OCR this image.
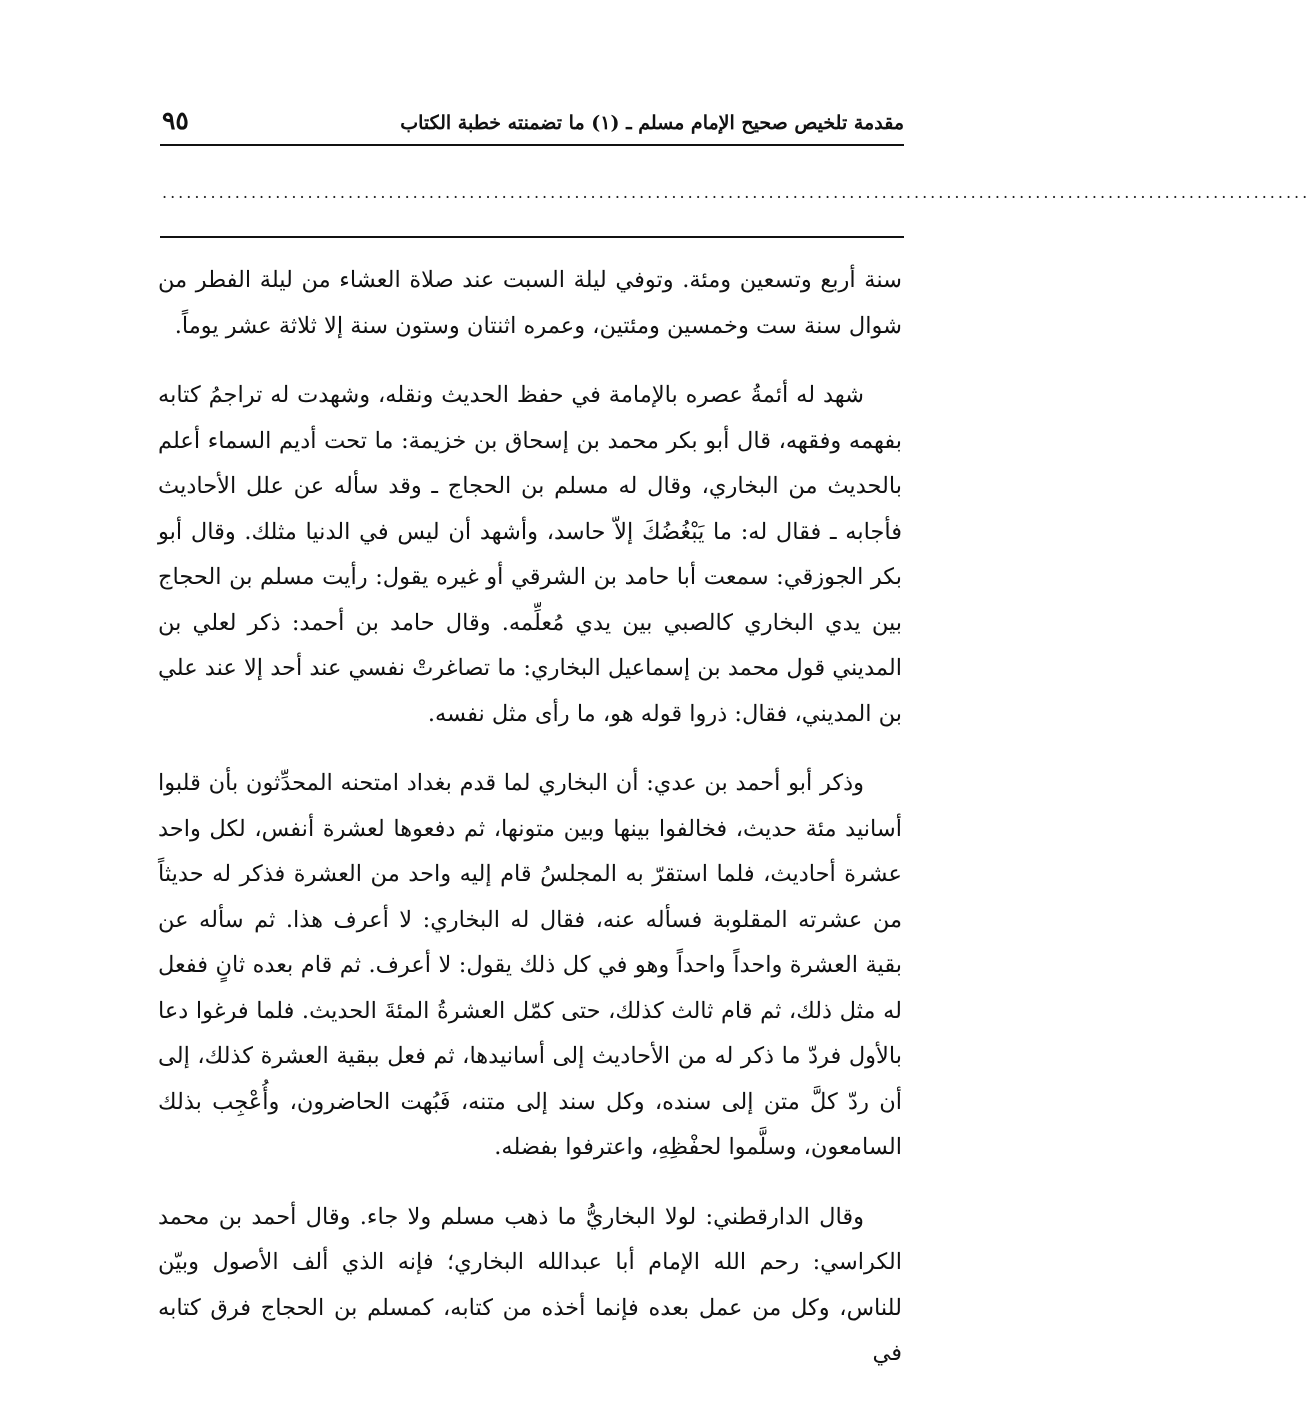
مقدمة تلخيص صحيح الإمام مسلم ـ (١) ما تضمنته خطبة الكتاب
٩٥
..............................................................................................................................................

سنة أربع وتسعين ومئة. وتوفي ليلة السبت عند صلاة العشاء من ليلة الفطر من شوال سنة ست وخمسين ومئتين، وعمره اثنتان وستون سنة إلا ثلاثة عشر يوماً.

شهد له أئمةُ عصره بالإمامة في حفظ الحديث ونقله، وشهدت له تراجمُ كتابه بفهمه وفقهه، قال أبو بكر محمد بن إسحاق بن خزيمة: ما تحت أديم السماء أعلم بالحديث من البخاري، وقال له مسلم بن الحجاج ـ وقد سأله عن علل الأحاديث فأجابه ـ فقال له: ما يَبْغُضُكَ إلاّ حاسد، وأشهد أن ليس في الدنيا مثلك. وقال أبو بكر الجوزقي: سمعت أبا حامد بن الشرقي أو غيره يقول: رأيت مسلم بن الحجاج بين يدي البخاري كالصبي بين يدي مُعلِّمه. وقال حامد بن أحمد: ذكر لعلي بن المديني قول محمد بن إسماعيل البخاري: ما تصاغرتْ نفسي عند أحد إلا عند علي بن المديني، فقال: ذروا قوله هو، ما رأى مثل نفسه.

وذكر أبو أحمد بن عدي: أن البخاري لما قدم بغداد امتحنه المحدِّثون بأن قلبوا أسانيد مئة حديث، فخالفوا بينها وبين متونها، ثم دفعوها لعشرة أنفس، لكل واحد عشرة أحاديث، فلما استقرّ به المجلسُ قام إليه واحد من العشرة فذكر له حديثاً من عشرته المقلوبة فسأله عنه، فقال له البخاري: لا أعرف هذا. ثم سأله عن بقية العشرة واحداً واحداً وهو في كل ذلك يقول: لا أعرف. ثم قام بعده ثانٍ ففعل له مثل ذلك، ثم قام ثالث كذلك، حتى كمّل العشرةُ المئةَ الحديث. فلما فرغوا دعا بالأول فردّ ما ذكر له من الأحاديث إلى أسانيدها، ثم فعل ببقية العشرة كذلك، إلى أن ردّ كلَّ متن إلى سنده، وكل سند إلى متنه، فَبُهت الحاضرون، وأُعْجِب بذلك السامعون، وسلَّموا لحفْظِهِ، واعترفوا بفضله.

وقال الدارقطني: لولا البخاريُّ ما ذهب مسلم ولا جاء. وقال أحمد بن محمد الكراسي: رحم الله الإمام أبا عبدالله البخاري؛ فإنه الذي ألف الأصول وبيّن للناس، وكل من عمل بعده فإنما أخذه من كتابه، كمسلم بن الحجاج فرق كتابه في
